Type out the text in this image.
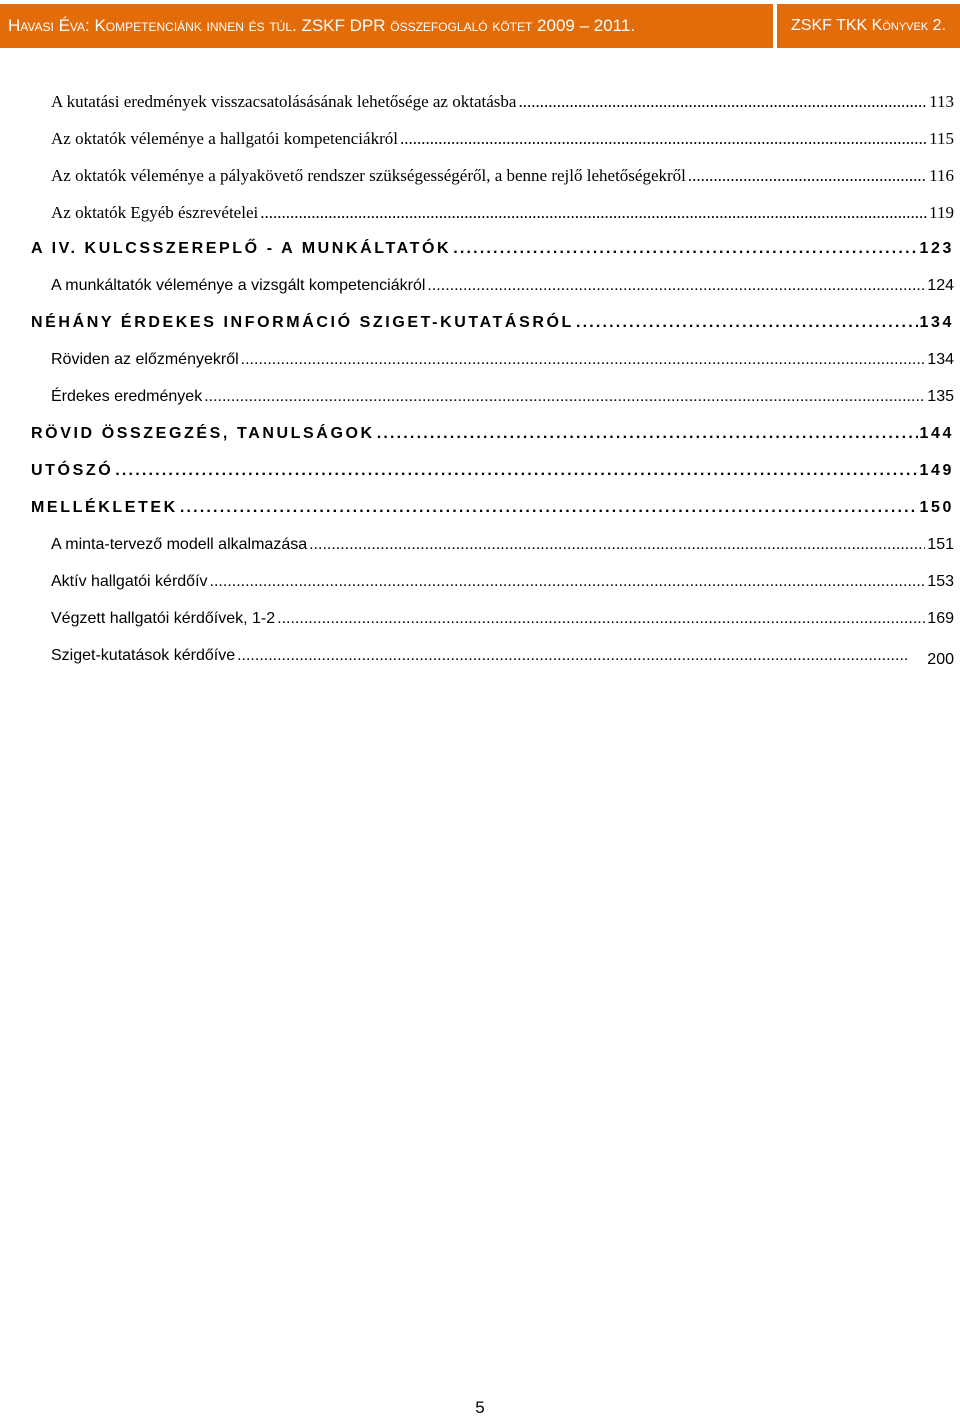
Havasi Éva: Kompetenciánk innen és túl. ZSKF DPR összefoglaló kötet 2009 – 2011.	ZSKF TKK Könyvek 2.
A kutatási eredmények visszacsatolásásának lehetősége az oktatásba .....	113
Az oktatók véleménye a hallgatói kompetenciákról .....	115
Az oktatók véleménye a pályakövető rendszer szükségességéről, a benne rejlő lehetőségekről .....	116
Az oktatók Egyéb észrevételei .....	119
A IV. KULCSSZEREPLŐ - A MUNKÁLTATÓK .....	123
A munkáltatók véleménye a vizsgált kompetenciákról .....	124
NÉHÁNY ÉRDEKES INFORMÁCIÓ SZIGET-KUTATÁSRÓL .....	134
Röviden az előzményekről .....	134
Érdekes eredmények .....	135
RÖVID ÖSSZEGZÉS, TANULSÁGOK .....	144
UTÓSZÓ .....	149
MELLÉKLETEK .....	150
A minta-tervező modell alkalmazása .....	151
Aktív hallgatói kérdőív .....	153
Végzett hallgatói kérdőívek, 1-2 .....	169
Sziget-kutatások kérdőíve .....	200
5
